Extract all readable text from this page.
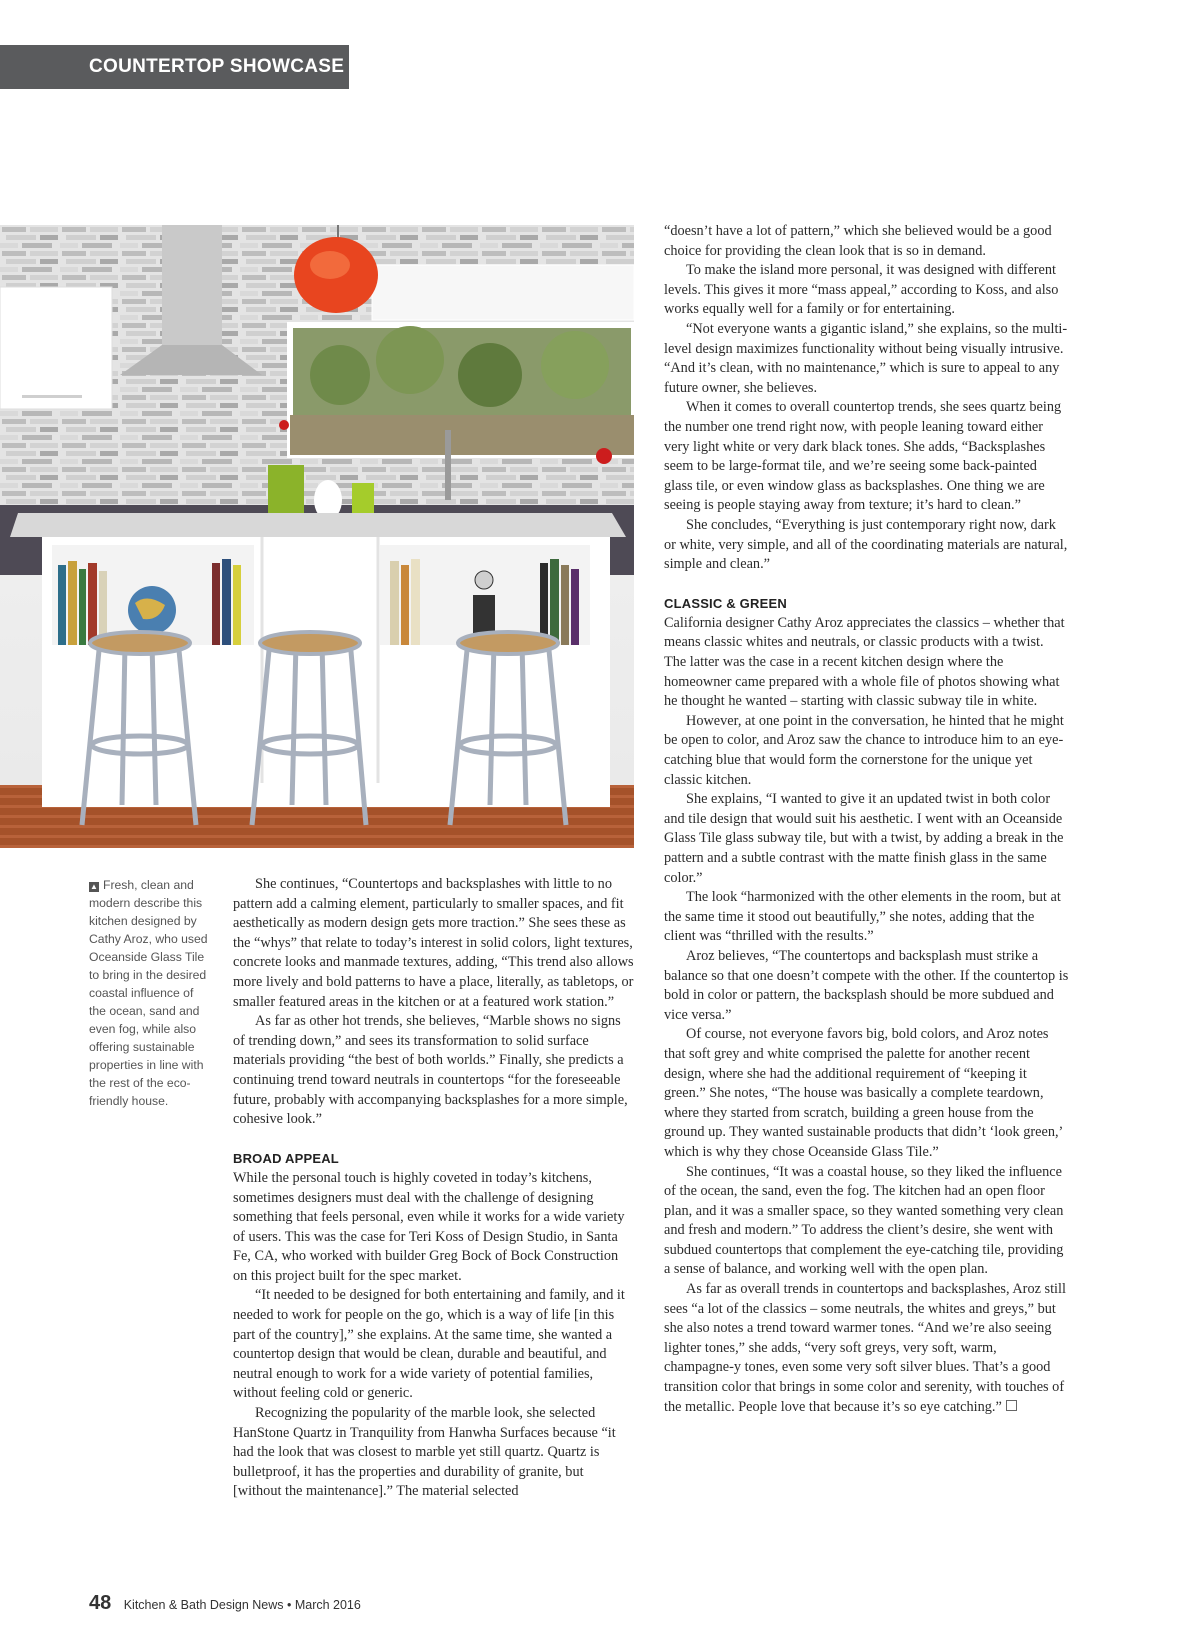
COUNTERTOP SHOWCASE
▲ Fresh, clean and modern describe this kitchen designed by Cathy Aroz, who used Oceanside Glass Tile to bring in the desired coastal influence of the ocean, sand and even fog, while also offering sustainable properties in line with the rest of the eco-friendly house.

She continues, “Countertops and backsplashes with little to no pattern add a calming element, particularly to smaller spaces, and fit aesthetically as modern design gets more traction.” She sees these as the “whys” that relate to today’s interest in solid colors, light textures, concrete looks and manmade textures, adding, “This trend also allows more lively and bold patterns to have a place, literally, as tabletops, or smaller featured areas in the kitchen or at a featured work station.”

As far as other hot trends, she believes, “Marble shows no signs of trending down,” and sees its transformation to solid surface materials providing “the best of both worlds.” Finally, she predicts a continuing trend toward neutrals in countertops “for the foreseeable future, probably with accompanying backsplashes for a more simple, cohesive look.”

BROAD APPEAL

While the personal touch is highly coveted in today’s kitchens, sometimes designers must deal with the challenge of designing something that feels personal, even while it works for a wide variety of users. This was the case for Teri Koss of Design Studio, in Santa Fe, CA, who worked with builder Greg Bock of Bock Construction on this project built for the spec market.

“It needed to be designed for both entertaining and family, and it needed to work for people on the go, which is a way of life [in this part of the country],” she explains. At the same time, she wanted a countertop design that would be clean, durable and beautiful, and neutral enough to work for a wide variety of potential families, without feeling cold or generic.

Recognizing the popularity of the marble look, she selected HanStone Quartz in Tranquility from Hanwha Surfaces because “it had the look that was closest to marble yet still quartz. Quartz is bulletproof, it has the properties and durability of granite, but [without the maintenance].” The material selected

“doesn’t have a lot of pattern,” which she believed would be a good choice for providing the clean look that is so in demand.

To make the island more personal, it was designed with different levels. This gives it more “mass appeal,” according to Koss, and also works equally well for a family or for entertaining.

“Not everyone wants a gigantic island,” she explains, so the multi-level design maximizes functionality without being visually intrusive. “And it’s clean, with no maintenance,” which is sure to appeal to any future owner, she believes.

When it comes to overall countertop trends, she sees quartz being the number one trend right now, with people leaning toward either very light white or very dark black tones. She adds, “Backsplashes seem to be large-format tile, and we’re seeing some back-painted glass tile, or even window glass as backsplashes. One thing we are seeing is people staying away from texture; it’s hard to clean.”

She concludes, “Everything is just contemporary right now, dark or white, very simple, and all of the coordinating materials are natural, simple and clean.”

CLASSIC & GREEN

California designer Cathy Aroz appreciates the classics – whether that means classic whites and neutrals, or classic products with a twist. The latter was the case in a recent kitchen design where the homeowner came prepared with a whole file of photos showing what he thought he wanted – starting with classic subway tile in white.

However, at one point in the conversation, he hinted that he might be open to color, and Aroz saw the chance to introduce him to an eye-catching blue that would form the cornerstone for the unique yet classic kitchen.

She explains, “I wanted to give it an updated twist in both color and tile design that would suit his aesthetic. I went with an Oceanside Glass Tile glass subway tile, but with a twist, by adding a break in the pattern and a subtle contrast with the matte finish glass in the same color.”

The look “harmonized with the other elements in the room, but at the same time it stood out beautifully,” she notes, adding that the client was “thrilled with the results.”

Aroz believes, “The countertops and backsplash must strike a balance so that one doesn’t compete with the other. If the countertop is bold in color or pattern, the backsplash should be more subdued and vice versa.”

Of course, not everyone favors big, bold colors, and Aroz notes that soft grey and white comprised the palette for another recent design, where she had the additional requirement of “keeping it green.” She notes, “The house was basically a complete teardown, where they started from scratch, building a green house from the ground up. They wanted sustainable products that didn’t ‘look green,’ which is why they chose Oceanside Glass Tile.”

She continues, “It was a coastal house, so they liked the influence of the ocean, the sand, even the fog. The kitchen had an open floor plan, and it was a smaller space, so they wanted something very clean and fresh and modern.” To address the client’s desire, she went with subdued countertops that complement the eye-catching tile, providing a sense of balance, and working well with the open plan.

As far as overall trends in countertops and backsplashes, Aroz still sees “a lot of the classics – some neutrals, the whites and greys,” but she also notes a trend toward warmer tones. “And we’re also seeing lighter tones,” she adds, “very soft greys, very soft, warm, champagne-y tones, even some very soft silver blues. That’s a good transition color that brings in some color and serenity, with touches of the metallic. People love that because it’s so eye catching.”

48 Kitchen & Bath Design News • March 2016
